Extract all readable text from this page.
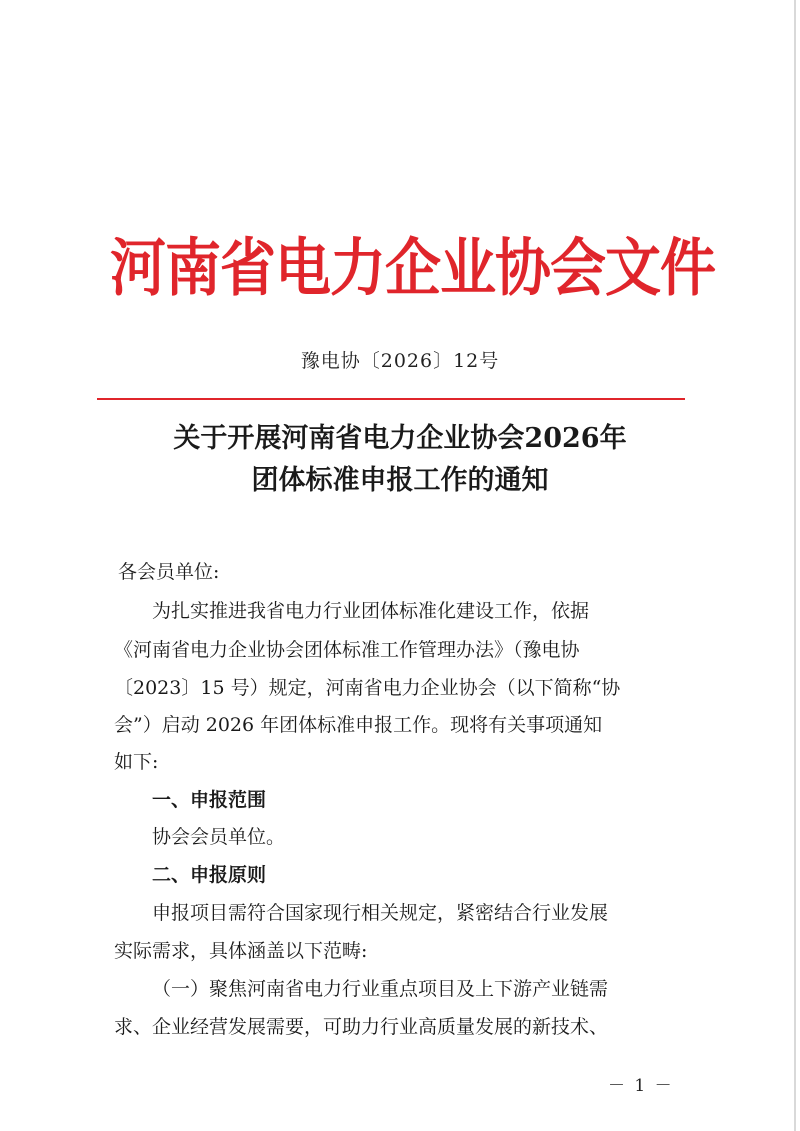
河南省电力企业协会文件
豫电协〔2026〕12号
关于开展河南省电力企业协会2026年
团体标准申报工作的通知
各会员单位:
为扎实推进我省电力行业团体标准化建设工作，依据
《河南省电力企业协会团体标准工作管理办法》（豫电协
〔2023〕15 号）规定，河南省电力企业协会（以下简称“协
会”）启动 2026 年团体标准申报工作。现将有关事项通知
如下:
一、申报范围
协会会员单位。
二、申报原则
申报项目需符合国家现行相关规定，紧密结合行业发展
实际需求，具体涵盖以下范畴:
（一）聚焦河南省电力行业重点项目及上下游产业链需
求、企业经营发展需要，可助力行业高质量发展的新技术、
－ 1 －
